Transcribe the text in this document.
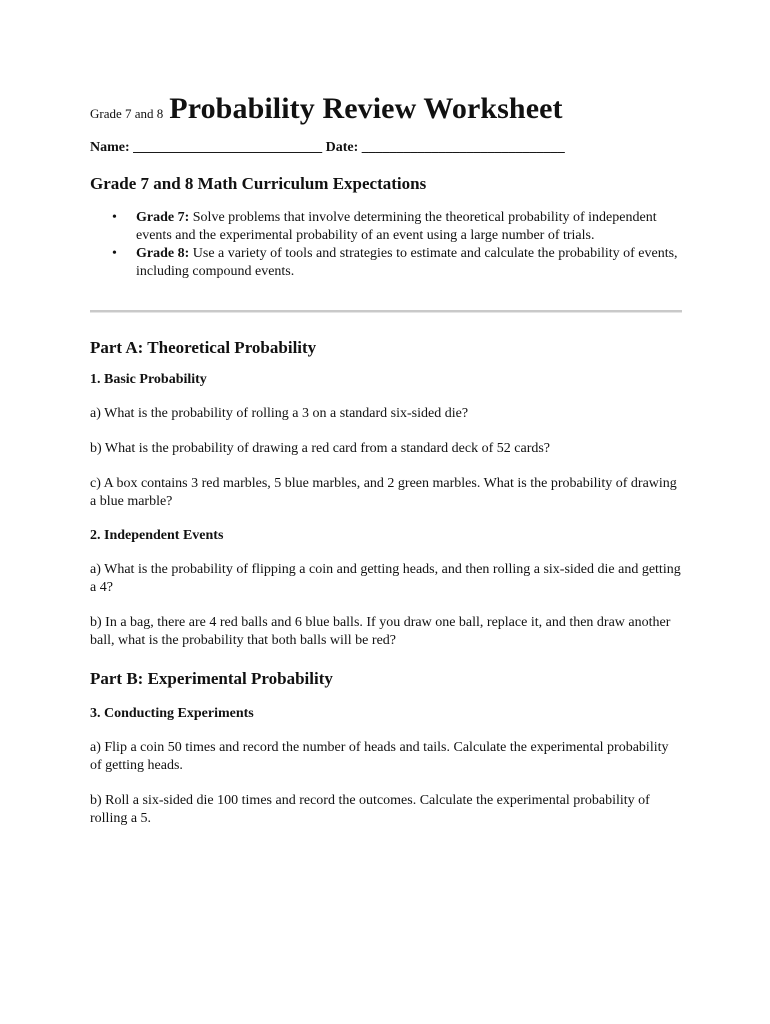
Grade 7 and 8 Probability Review Worksheet
Name: ___________________________ Date: _____________________________
Grade 7 and 8 Math Curriculum Expectations
• Grade 7: Solve problems that involve determining the theoretical probability of independent events and the experimental probability of an event using a large number of trials.
• Grade 8: Use a variety of tools and strategies to estimate and calculate the probability of events, including compound events.
Part A: Theoretical Probability
1. Basic Probability

a) What is the probability of rolling a 3 on a standard six-sided die?

b) What is the probability of drawing a red card from a standard deck of 52 cards?

c) A box contains 3 red marbles, 5 blue marbles, and 2 green marbles. What is the probability of drawing a blue marble?

2. Independent Events

a) What is the probability of flipping a coin and getting heads, and then rolling a six-sided die and getting a 4?

b) In a bag, there are 4 red balls and 6 blue balls. If you draw one ball, replace it, and then draw another ball, what is the probability that both balls will be red?

Part B: Experimental Probability
3. Conducting Experiments

a) Flip a coin 50 times and record the number of heads and tails. Calculate the experimental probability of getting heads.

b) Roll a six-sided die 100 times and record the outcomes. Calculate the experimental probability of rolling a 5.
